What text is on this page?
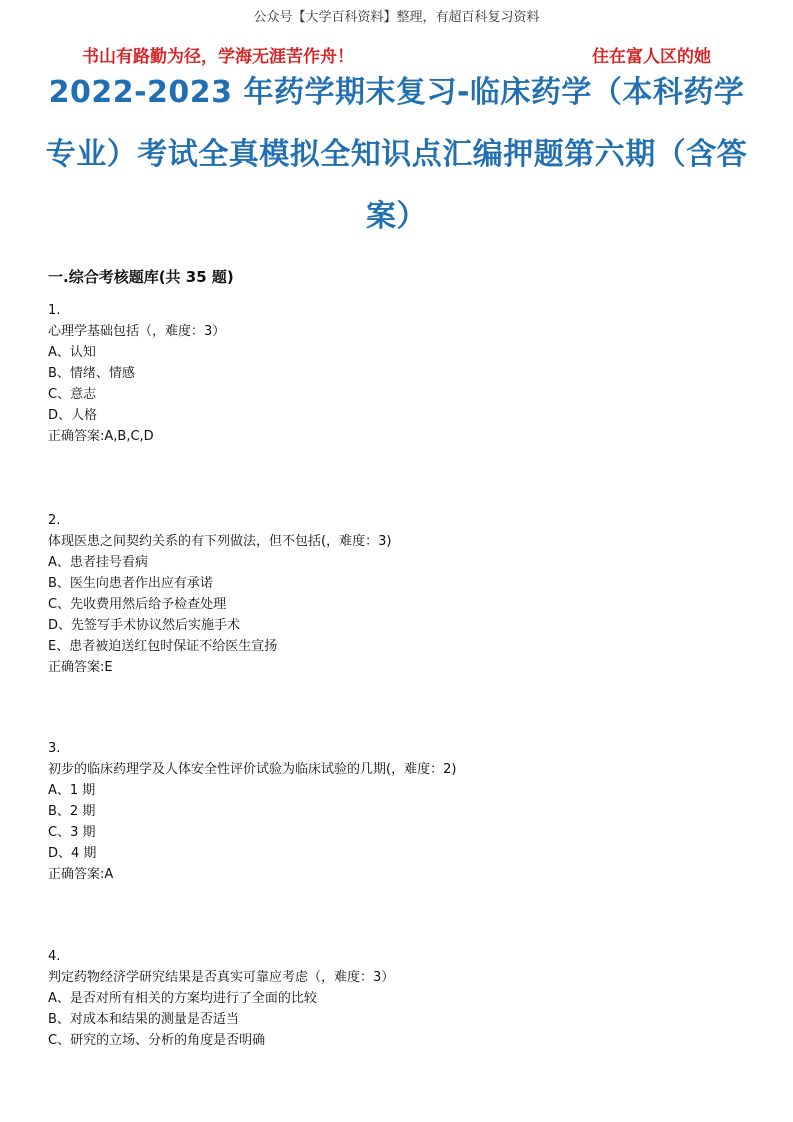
公众号【大学百科资料】整理，有超百科复习资料
书山有路勤为径，学海无涯苦作舟！	住在富人区的她
2022-2023 年药学期末复习-临床药学（本科药学专业）考试全真模拟全知识点汇编押题第六期（含答案）
一.综合考核题库(共 35 题)
1.
心理学基础包括（，难度：3）
A、认知
B、情绪、情感
C、意志
D、人格
正确答案:A,B,C,D
2.
体现医患之间契约关系的有下列做法，但不包括(，难度：3)
A、患者挂号看病
B、医生向患者作出应有承诺
C、先收费用然后给予检查处理
D、先签写手术协议然后实施手术
E、患者被迫送红包时保证不给医生宣扬
正确答案:E
3.
初步的临床药理学及人体安全性评价试验为临床试验的几期(，难度：2)
A、1 期
B、2 期
C、3 期
D、4 期
正确答案:A
4.
判定药物经济学研究结果是否真实可靠应考虑（，难度：3）
A、是否对所有相关的方案均进行了全面的比较
B、对成本和结果的测量是否适当
C、研究的立场、分析的角度是否明确
